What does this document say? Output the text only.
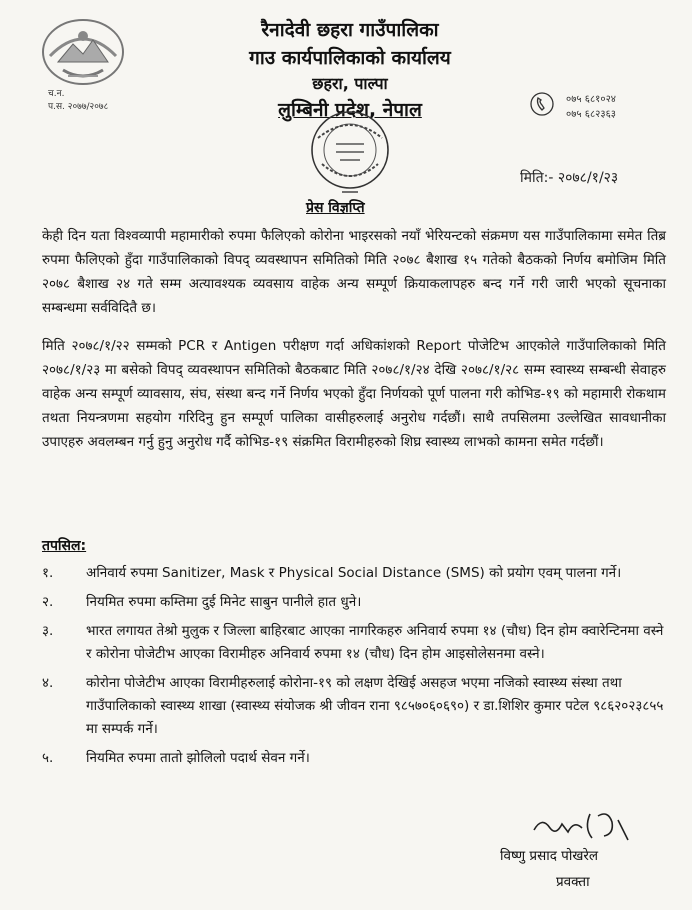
च.न.
प.स. २०७७/२०७८
रैनादेवी छहरा गाउँपालिका
गाउ कार्यपालिकाको कार्यालय
छहरा, पाल्पा
लुम्बिनी प्रदेश, नेपाल	०७५ ६८१०२४
०७५ ६८२३६३
मिति:- २०७८/१/२३
प्रेस विज्ञप्ति
केही दिन यता विश्वव्यापी महामारीको रुपमा फैलिएको कोरोना भाइरसको नयाँ भेरियन्टको संक्रमण यस गाउँपालिकामा समेत तिब्र रुपमा फैलिएको हुँदा गाउँपालिकाको विपद् व्यवस्थापन समितिको मिति २०७८ बैशाख १५ गतेको बैठकको निर्णय बमोजिम मिति २०७८ बैशाख २४ गते सम्म अत्यावश्यक व्यवसाय वाहेक अन्य सम्पूर्ण क्रियाकलापहरु बन्द गर्ने गरी जारी भएको सूचनाका सम्बन्धमा सर्वविदितै छ।
मिति २०७८/१/२२ सम्मको PCR र Antigen परीक्षण गर्दा अधिकांशको Report पोजेटिभ आएकोले गाउँपालिकाको मिति २०७८/१/२३ मा बसेको विपद् व्यवस्थापन समितिको बैठकबाट मिति २०७८/१/२४ देखि २०७८/१/२८ सम्म स्वास्थ्य सम्बन्धी सेवाहरु वाहेक अन्य सम्पूर्ण व्यावसाय, संघ, संस्था बन्द गर्ने निर्णय भएको हुँदा निर्णयको पूर्ण पालना गरी कोभिड-१९ को महामारी रोकथाम तथता नियन्त्रणमा सहयोग गरिदिनु हुन सम्पूर्ण पालिका वासीहरुलाई अनुरोध गर्दछौं। साथै तपसिलमा उल्लेखित सावधानीका उपाएहरु अवलम्बन गर्नु हुनु अनुरोध गर्दै कोभिड-१९ संक्रमित विरामीहरुको शिघ्र स्वास्थ्य लाभको कामना समेत गर्दछौं।
तपसिल:
१.	अनिवार्य रुपमा Sanitizer, Mask र Physical Social Distance (SMS) को प्रयोग एवम् पालना गर्ने।
२.	नियमित रुपमा कम्तिमा दुई मिनेट साबुन पानीले हात धुने।
३.	भारत लगायत तेश्रो मुलुक र जिल्ला बाहिरबाट आएका नागरिकहरु अनिवार्य रुपमा १४ (चौध) दिन होम क्वारेन्टिनमा वस्ने र कोरोना पोजेटीभ आएका विरामीहरु अनिवार्य रुपमा १४ (चौध) दिन होम आइसोलेसनमा वस्ने।
४.	कोरोना पोजेटीभ आएका विरामीहरुलाई कोरोना-१९ को लक्षण देखिई असहज भएमा नजिको स्वास्थ्य संस्था तथा गाउँपालिकाको स्वास्थ्य शाखा (स्वास्थ्य संयोजक श्री जीवन राना ९८५७०६०६९०) र डा.शिशिर कुमार पटेल ९८६२०२३८५५ मा सम्पर्क गर्ने।
५.	नियमित रुपमा तातो झोलिलो पदार्थ सेवन गर्ने।
विष्णु प्रसाद पोखरेल
प्रवक्ता
